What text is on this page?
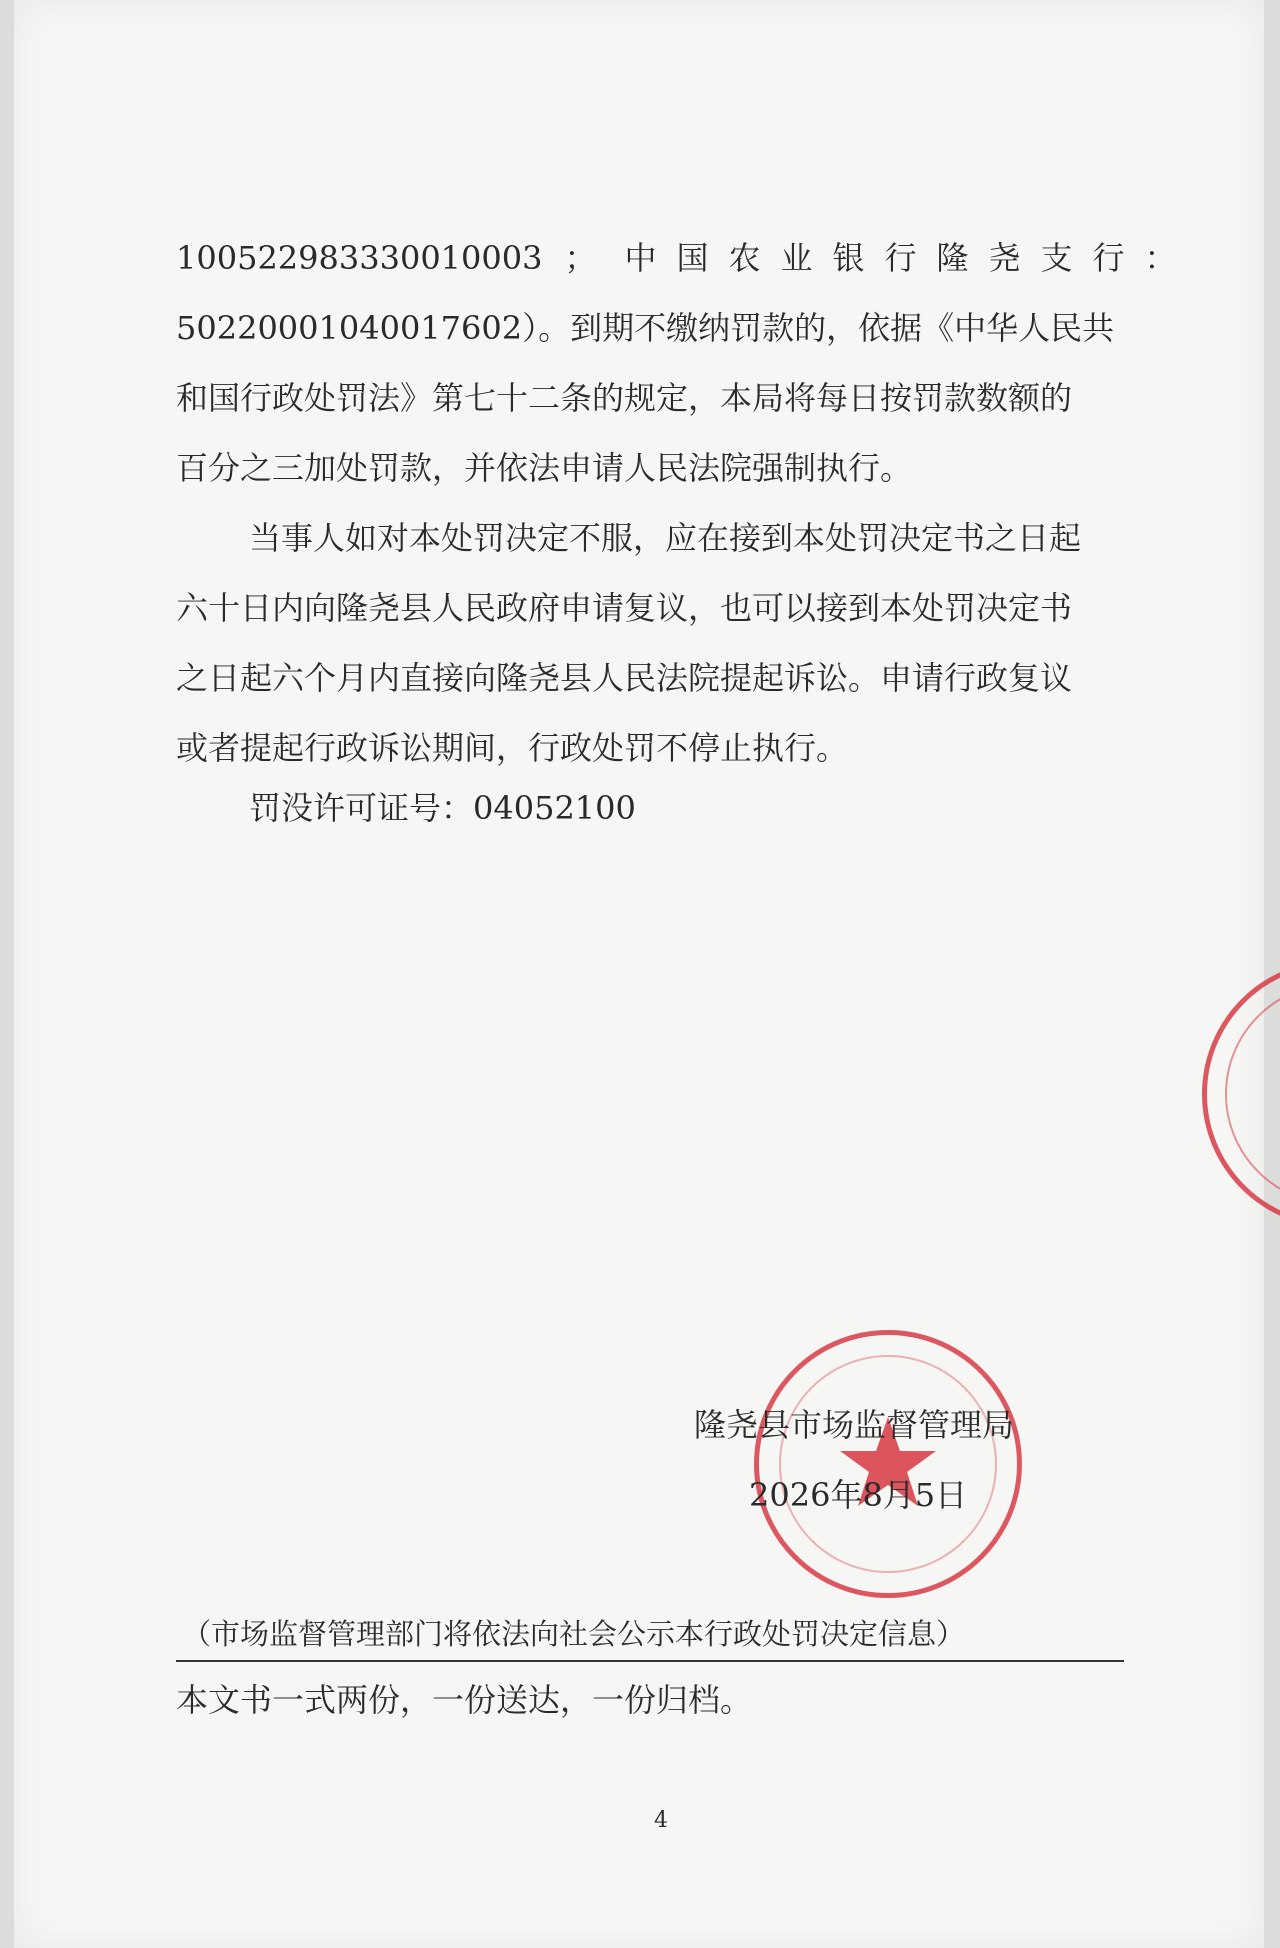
100522983330010003 ； 中国农业银行隆尧支行：
50220001040017602）。到期不缴纳罚款的，依据《中华人民共
和国行政处罚法》第七十二条的规定，本局将每日按罚款数额的
百分之三加处罚款，并依法申请人民法院强制执行。
当事人如对本处罚决定不服，应在接到本处罚决定书之日起
六十日内向隆尧县人民政府申请复议，也可以接到本处罚决定书
之日起六个月内直接向隆尧县人民法院提起诉讼。申请行政复议
或者提起行政诉讼期间，行政处罚不停止执行。
罚没许可证号：04052100
隆尧县市场监督管理局
2026年8月5日
（市场监督管理部门将依法向社会公示本行政处罚决定信息）
本文书一式两份，一份送达，一份归档。
4
